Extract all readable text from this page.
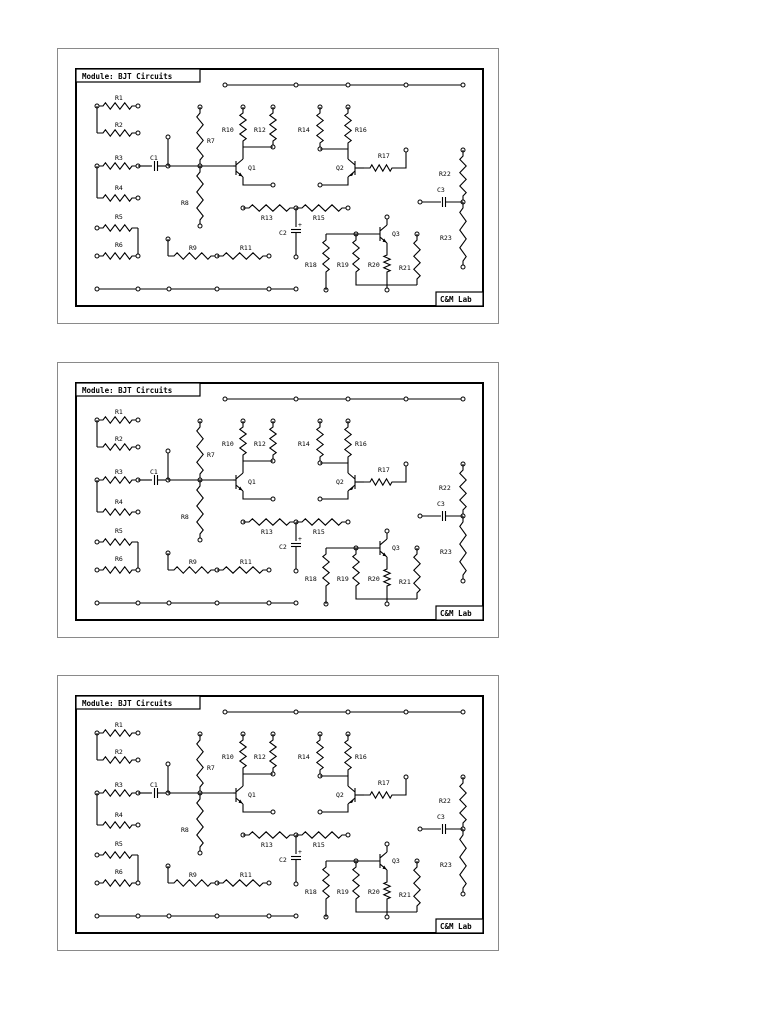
Module: BJT Circuits
C&M Lab
R1
R2
R3	C1
R4
R5
R6
R7
R8
R9	R11
R10	R12
Q1
R14	R16
Q2
R17
R13	R15
C2
+
R18	R19
Q3
R20	R21
R22
C3
R23
Module: BJT Circuits
C&M Lab
R1
R2
R3	C1
R4
R5
R6
R7
R8
R9	R11
R10	R12
Q1
R14	R16
Q2
R17
R13	R15
C2
+
R18	R19
Q3
R20	R21
R22
C3
R23
Module: BJT Circuits
C&M Lab
R1
R2
R3	C1
R4
R5
R6
R7
R8
R9	R11
R10	R12
Q1
R14	R16
Q2
R17
R13	R15
C2
+
R18	R19
Q3
R20	R21
R22
C3
R23
